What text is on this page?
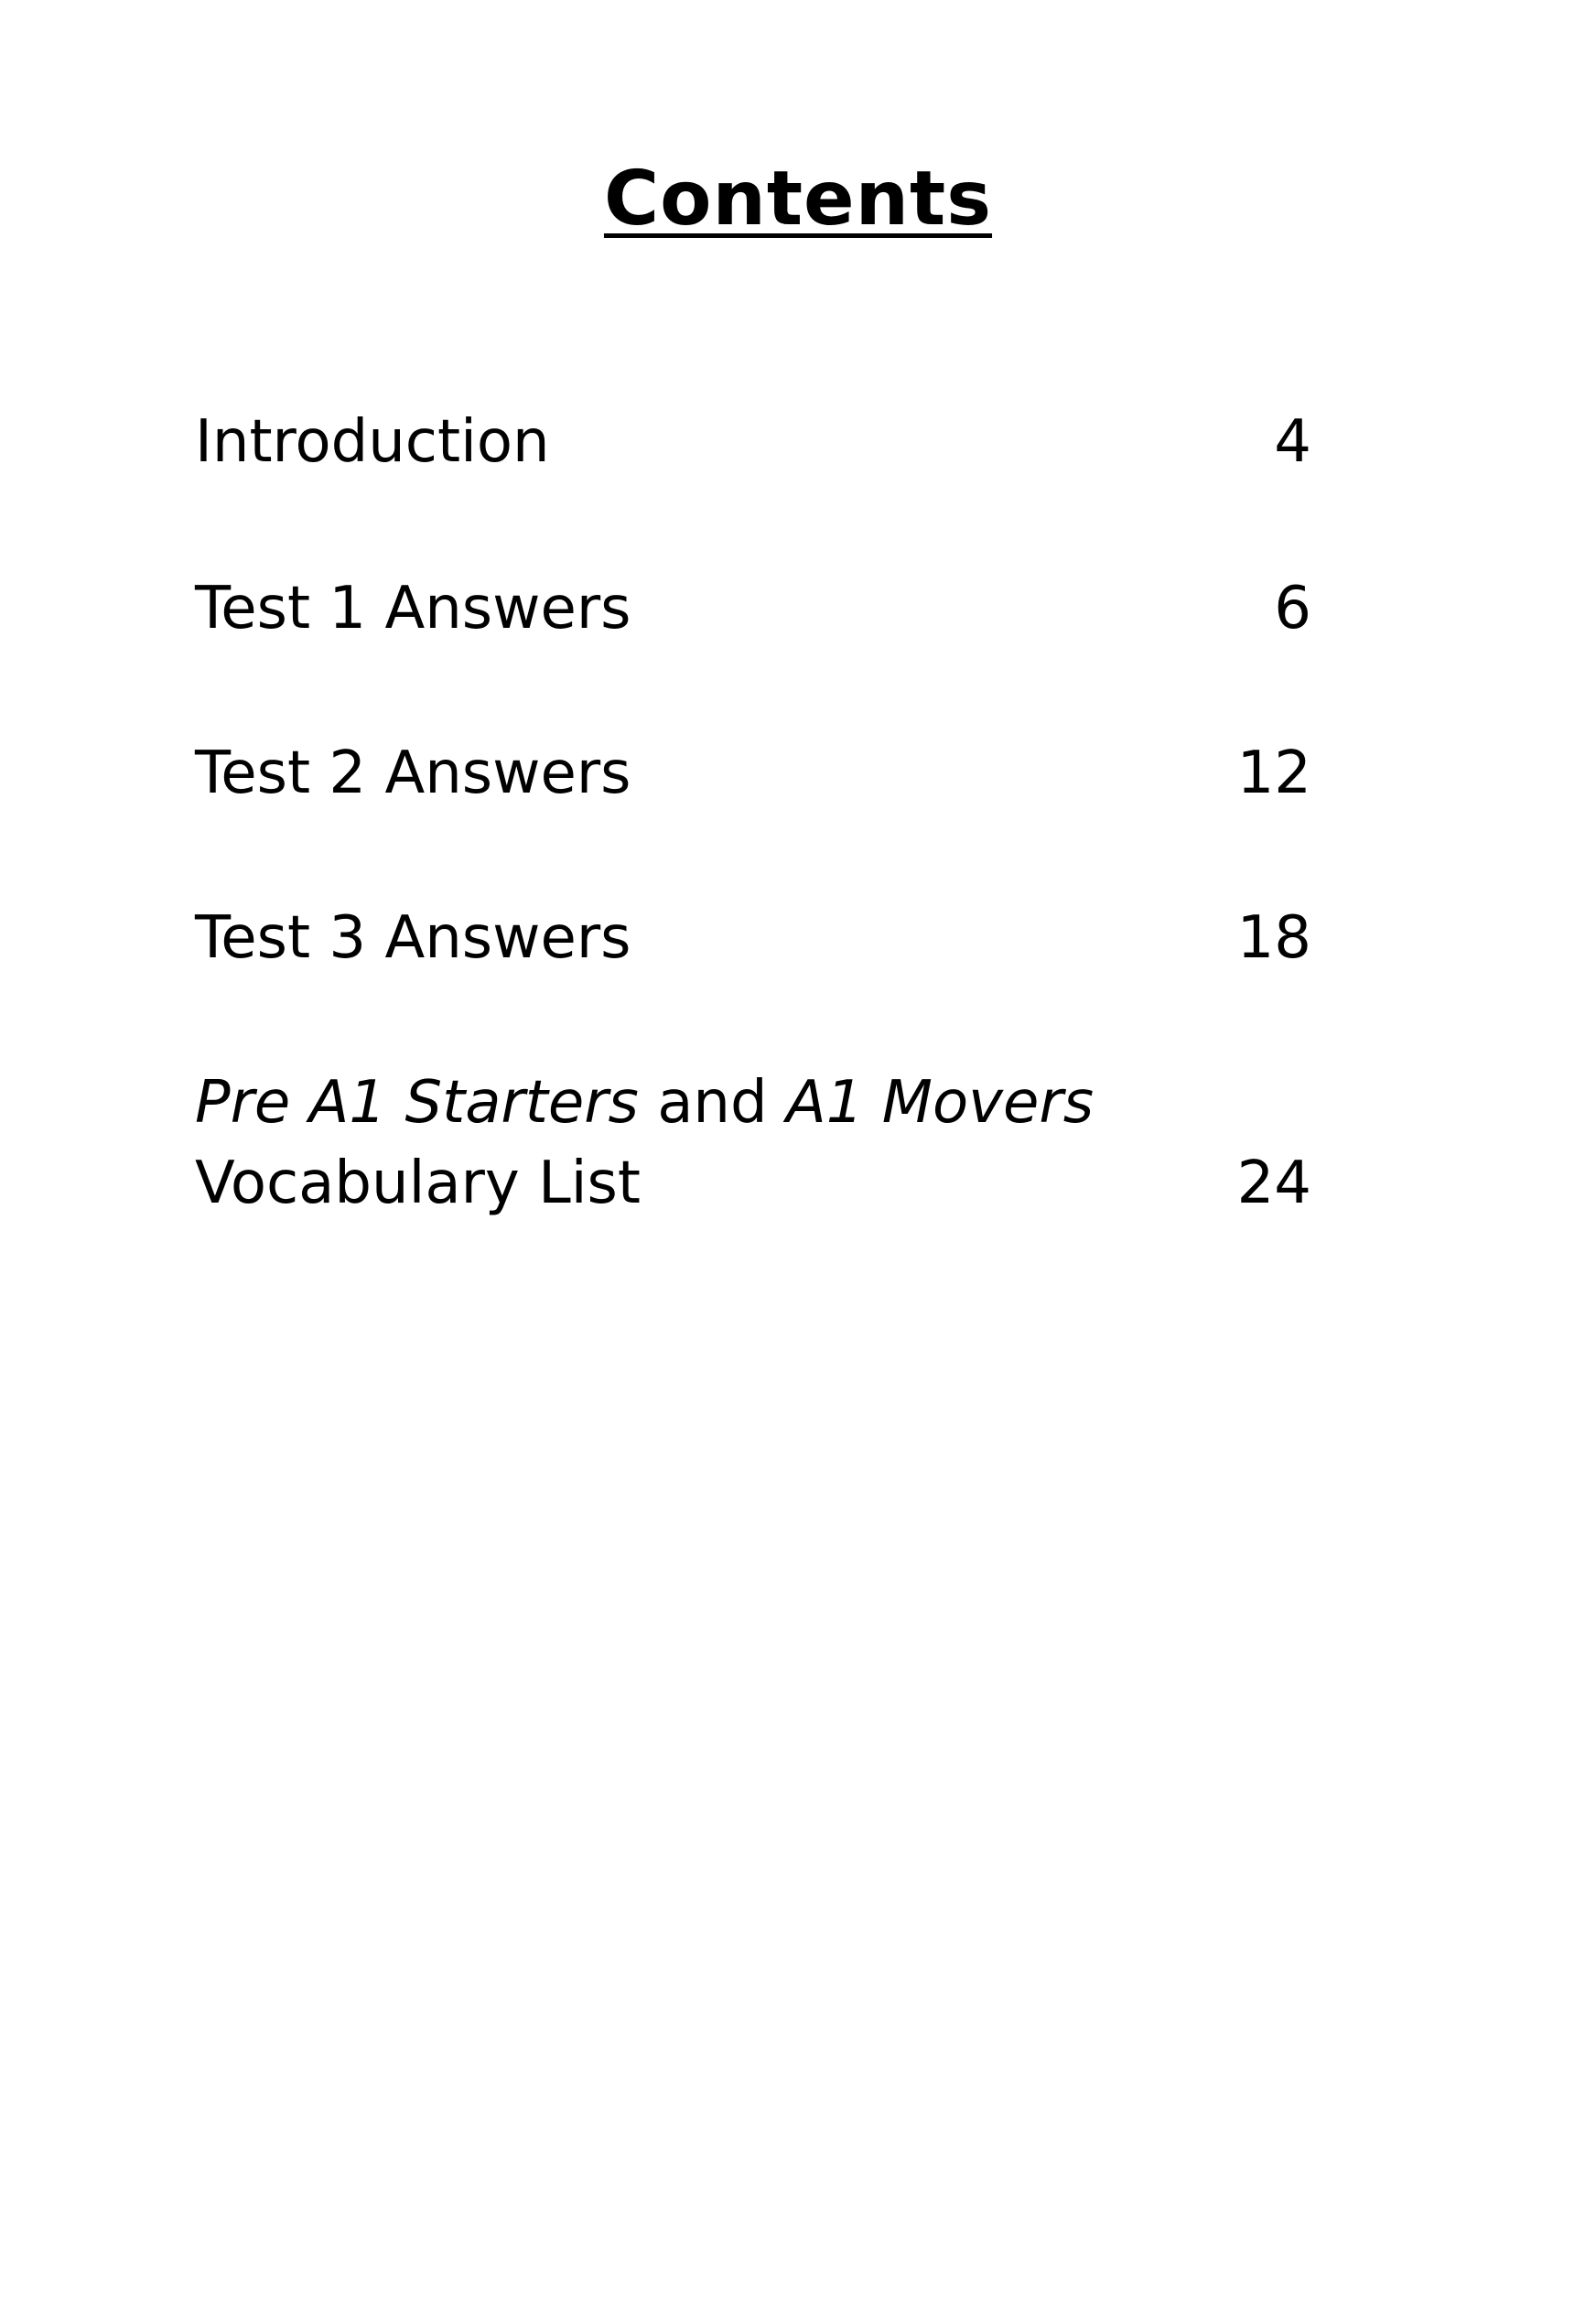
Contents
Introduction	4
Test 1 Answers	6
Test 2 Answers	12
Test 3 Answers	18
Pre A1 Starters and A1 Movers
Vocabulary List	24
